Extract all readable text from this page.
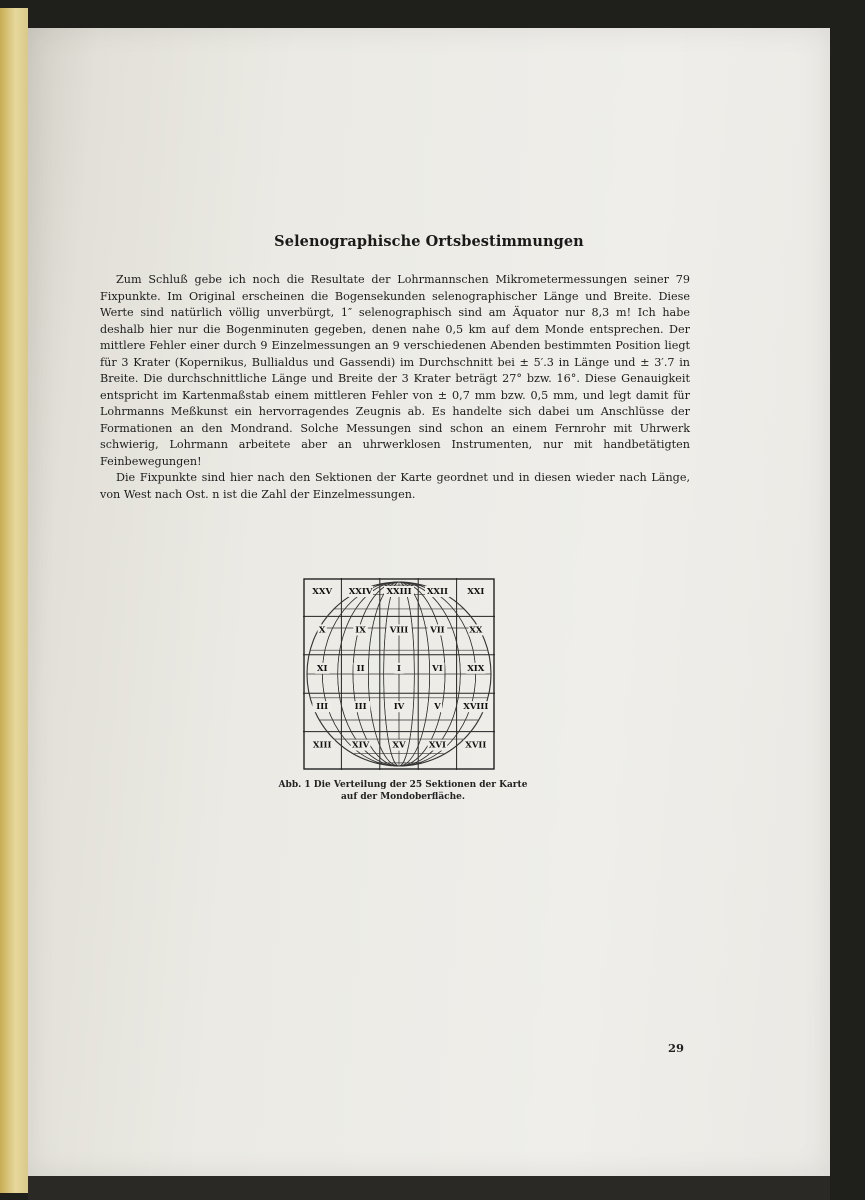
Selenographische Ortsbestimmungen

Zum Schluß gebe ich noch die Resultate der Lohrmannschen Mikrometermessungen seiner 79 Fixpunkte. Im Original erscheinen die Bogensekunden selenographischer Länge und Breite. Diese Werte sind natürlich völlig unverbürgt, 1″ selenographisch sind am Äquator nur 8,3 m! Ich habe deshalb hier nur die Bogenminuten gegeben, denen nahe 0,5 km auf dem Monde entsprechen. Der mittlere Fehler einer durch 9 Einzelmessungen an 9 verschiedenen Abenden bestimmten Position liegt für 3 Krater (Kopernikus, Bullialdus und Gassendi) im Durchschnitt bei ± 5′.3 in Länge und ± 3′.7 in Breite. Die durchschnittliche Länge und Breite der 3 Krater beträgt 27° bzw. 16°. Diese Genauigkeit entspricht im Kartenmaßstab einem mittleren Fehler von ± 0,7 mm bzw. 0,5 mm, und legt damit für Lohrmanns Meßkunst ein hervorragendes Zeugnis ab. Es handelte sich dabei um Anschlüsse der Formationen an den Mondrand. Solche Messungen sind schon an einem Fernrohr mit Uhrwerk schwierig, Lohrmann arbeitete aber an uhrwerklosen Instrumenten, nur mit handbetätigten Feinbewegungen!

Die Fixpunkte sind hier nach den Sektionen der Karte geordnet und in diesen wieder nach Länge, von West nach Ost. n ist die Zahl der Einzelmessungen.

XXV XXIV XXIII XXII XXI
X	IX	VIII	VII	XX
XI	II	I	VI	XIX
III	III	IV	V	XVIII
XIII XIV	XV	XVI XVII
Abb. 1 Die Verteilung der 25 Sektionen der Karte
auf der Mondoberfläche.
29
